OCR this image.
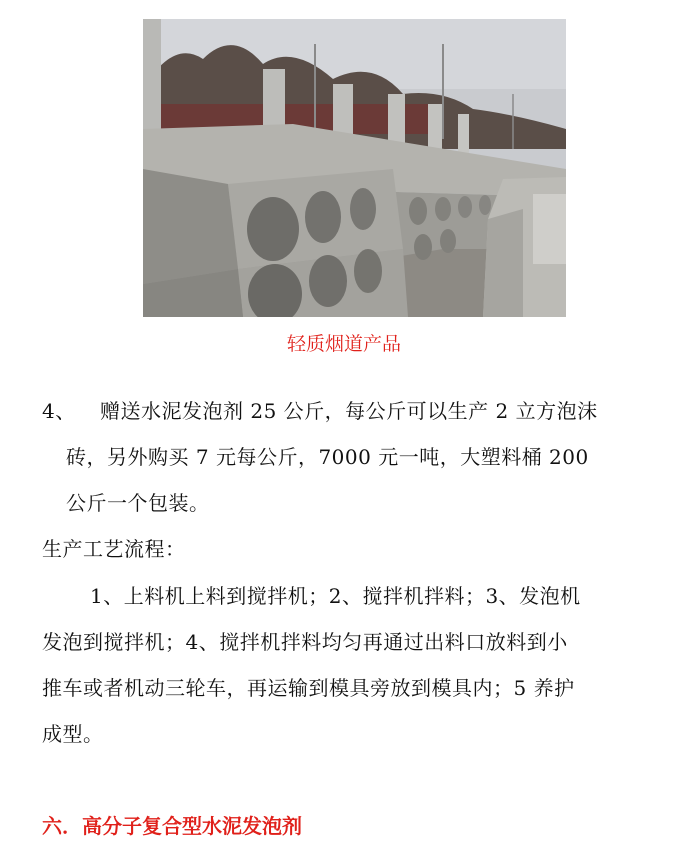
轻质烟道产品
4、 赠送水泥发泡剂 25 公斤，每公斤可以生产 2 立方泡沫
砖，另外购买 7 元每公斤，7000 元一吨，大塑料桶 200
公斤一个包装。
生产工艺流程：
1、上料机上料到搅拌机；2、搅拌机拌料；3、发泡机
发泡到搅拌机；4、搅拌机拌料均匀再通过出料口放料到小
推车或者机动三轮车，再运输到模具旁放到模具内；5 养护
成型。
六．高分子复合型水泥发泡剂
